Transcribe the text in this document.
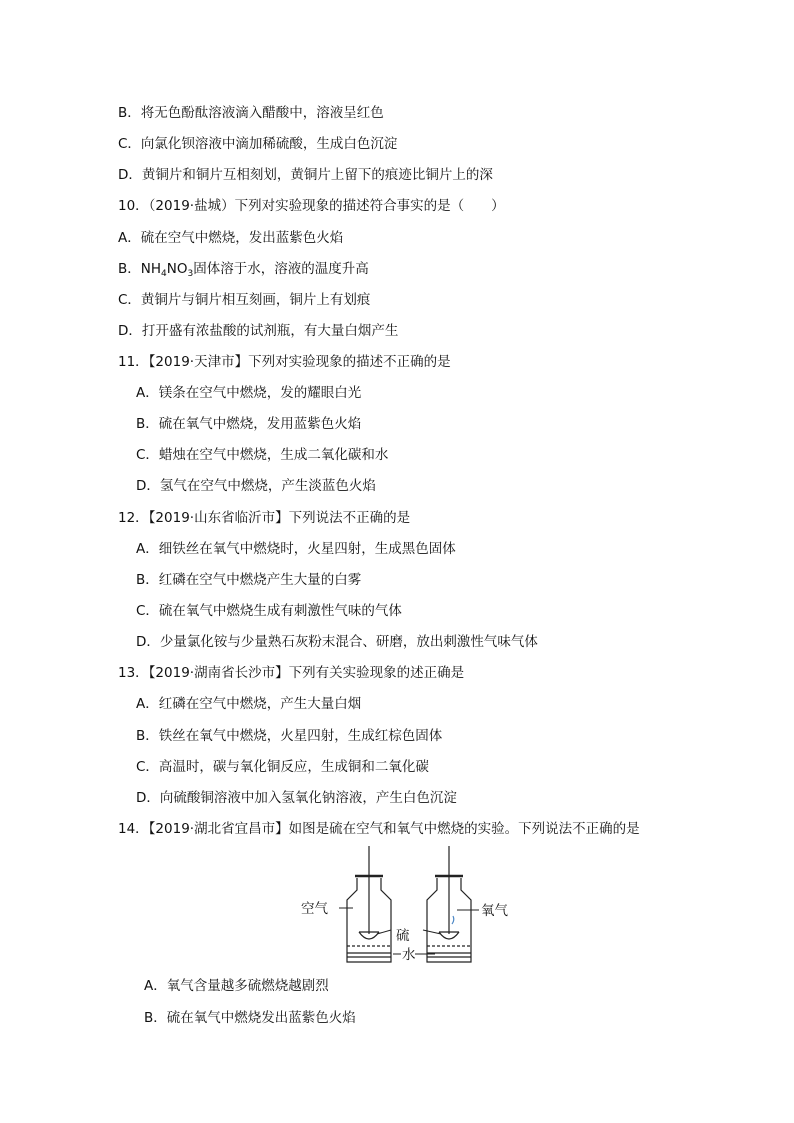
B．将无色酚酞溶液滴入醋酸中，溶液呈红色
C．向氯化钡溶液中滴加稀硫酸，生成白色沉淀
D．黄铜片和铜片互相刻划，黄铜片上留下的痕迹比铜片上的深
10．（2019·盐城）下列对实验现象的描述符合事实的是（　　）
A．硫在空气中燃烧，发出蓝紫色火焰
B．$NH_4NO_3$固体溶于水，溶液的温度升高
C．黄铜片与铜片相互刻画，铜片上有划痕
D．打开盛有浓盐酸的试剂瓶，有大量白烟产生
11．【2019·天津市】下列对实验现象的描述不正确的是
A．镁条在空气中燃烧，发的耀眼白光
B．硫在氧气中燃烧，发用蓝紫色火焰
C．蜡烛在空气中燃烧，生成二氧化碳和水
D．氢气在空气中燃烧，产生淡蓝色火焰
12．【2019·山东省临沂市】下列说法不正确的是
A．细铁丝在氧气中燃烧时，火星四射，生成黑色固体
B．红磷在空气中燃烧产生大量的白雾
C．硫在氧气中燃烧生成有刺激性气味的气体
D．少量氯化铵与少量熟石灰粉末混合、研磨，放出刺激性气味气体
13．【2019·湖南省长沙市】下列有关实验现象的述正确是
A．红磷在空气中燃烧，产生大量白烟
B．铁丝在氧气中燃烧，火星四射，生成红棕色固体
C．高温时，碳与氧化铜反应，生成铜和二氧化碳
D．向硫酸铜溶液中加入氢氧化钠溶液，产生白色沉淀
14．【2019·湖北省宜昌市】如图是硫在空气和氧气中燃烧的实验。下列说法不正确的是
空气
硫
水
氧气
A．氧气含量越多硫燃烧越剧烈
B．硫在氧气中燃烧发出蓝紫色火焰
